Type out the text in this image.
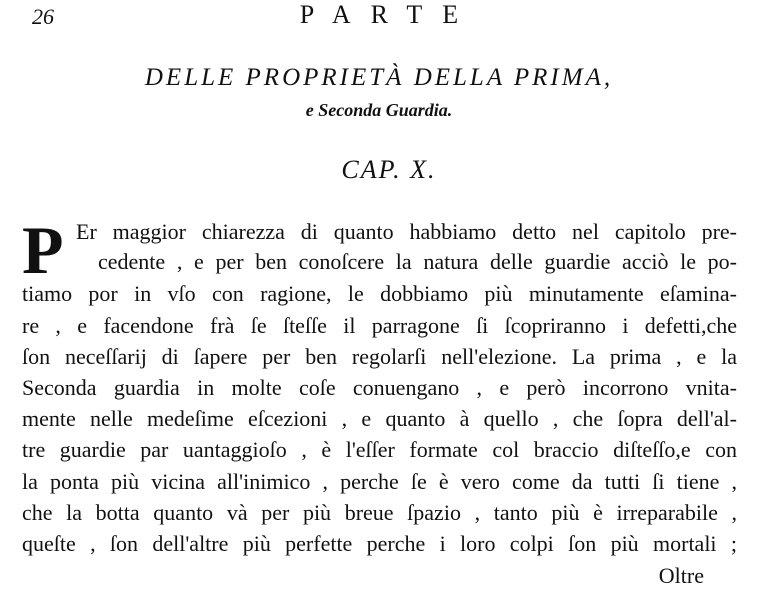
26	PARTE
DELLE PROPRIETÀ DELLA PRIMA,
e Seconda Guardia.
CAP. X.
P Er maggior chiarezza di quanto habbiamo detto nel capitolo pre-
cedente , e per ben conoſcere la natura delle guardie acciò le po-
tiamo por in vſo con ragione, le dobbiamo più minutamente eſamina-
re , e facendone frà ſe ſteſſe il parragone ſi ſcopriranno i defetti,che
ſon neceſſarij di ſapere per ben regolarſi nell'elezione. La prima , e la
Seconda guardia in molte coſe conuengano , e però incorrono vnita-
mente nelle medeſime eſcezioni , e quanto à quello , che ſopra dell'al-
tre guardie par uantaggioſo , è l'eſſer formate col braccio diſteſſo,e con
la ponta più vicina all'inimico , perche ſe è vero come da tutti ſi tiene ,
che la botta quanto và per più breue ſpazio , tanto più è irreparabile ,
queſte , ſon dell'altre più perfette perche i loro colpi ſon più mortali ;
Oltre
